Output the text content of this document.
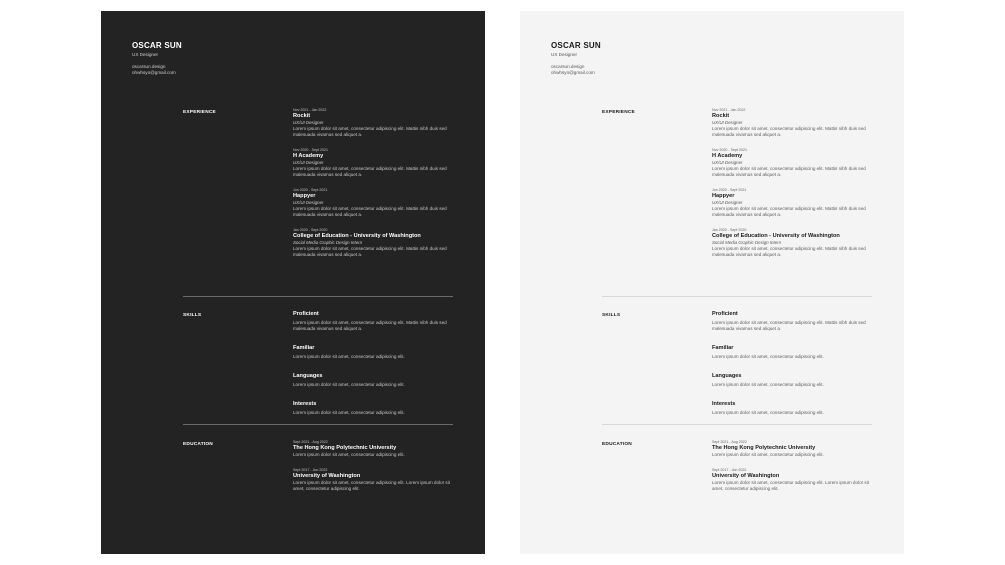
OSCAR SUN
UX Designer
oscarsun.design
ohwhsyo@gmail.com
EXPERIENCE	Nov 2021 - Jan 2022
Rockit
UX/UI Designer
Lorem ipsum dolor sit amet, consectetur adipiscing elit. Mattis nibh duis sed malesuada vivamus sed aliquet a.
Nov 2020 - Sept 2021
H Academy
UX/UI Designer
Lorem ipsum dolor sit amet, consectetur adipiscing elit. Mattis nibh duis sed malesuada vivamus sed aliquet a.
Jun 2020 - Sept 2021
Happyer
UX/UI Designer
Lorem ipsum dolor sit amet, consectetur adipiscing elit. Mattis nibh duis sed malesuada vivamus sed aliquet a.
Jan 2020 - Sept 2020
College of Education - University of Washington
Social Media Graphic Design Intern
Lorem ipsum dolor sit amet, consectetur adipiscing elit. Mattis nibh duis sed malesuada vivamus sed aliquet a.
SKILLS	Proficient
Lorem ipsum dolor sit amet, consectetur adipiscing elit. Mattis nibh duis sed malesuada vivamus sed aliquet a.
Familiar
Lorem ipsum dolor sit amet, consectetur adipiscing elit.
Languages
Lorem ipsum dolor sit amet, consectetur adipiscing elit.
Interests
Lorem ipsum dolor sit amet, consectetur adipiscing elit.
EDUCATION	Sept 2021 - Aug 2022
The Hong Kong Polytechnic University
Lorem ipsum dolor sit amet, consectetur adipiscing elit.
Sept 2017 - Jun 2022
University of Washington
Lorem ipsum dolor sit amet, consectetur adipiscing elit. Lorem ipsum dolor sit amet, consectetur adipiscing elit.
OSCAR SUN
UX Designer
oscarsun.design
ohwhsyo@gmail.com
EXPERIENCE	Nov 2021 - Jan 2022
Rockit
UX/UI Designer
Lorem ipsum dolor sit amet, consectetur adipiscing elit. Mattis nibh duis sed malesuada vivamus sed aliquet a.
Nov 2020 - Sept 2021
H Academy
UX/UI Designer
Lorem ipsum dolor sit amet, consectetur adipiscing elit. Mattis nibh duis sed malesuada vivamus sed aliquet a.
Jun 2020 - Sept 2021
Happyer
UX/UI Designer
Lorem ipsum dolor sit amet, consectetur adipiscing elit. Mattis nibh duis sed malesuada vivamus sed aliquet a.
Jan 2020 - Sept 2020
College of Education - University of Washington
Social Media Graphic Design Intern
Lorem ipsum dolor sit amet, consectetur adipiscing elit. Mattis nibh duis sed malesuada vivamus sed aliquet a.
SKILLS	Proficient
Lorem ipsum dolor sit amet, consectetur adipiscing elit. Mattis nibh duis sed malesuada vivamus sed aliquet a.
Familiar
Lorem ipsum dolor sit amet, consectetur adipiscing elit.
Languages
Lorem ipsum dolor sit amet, consectetur adipiscing elit.
Interests
Lorem ipsum dolor sit amet, consectetur adipiscing elit.
EDUCATION	Sept 2021 - Aug 2022
The Hong Kong Polytechnic University
Lorem ipsum dolor sit amet, consectetur adipiscing elit.
Sept 2017 - Jun 2022
University of Washington
Lorem ipsum dolor sit amet, consectetur adipiscing elit. Lorem ipsum dolor sit amet, consectetur adipiscing elit.
